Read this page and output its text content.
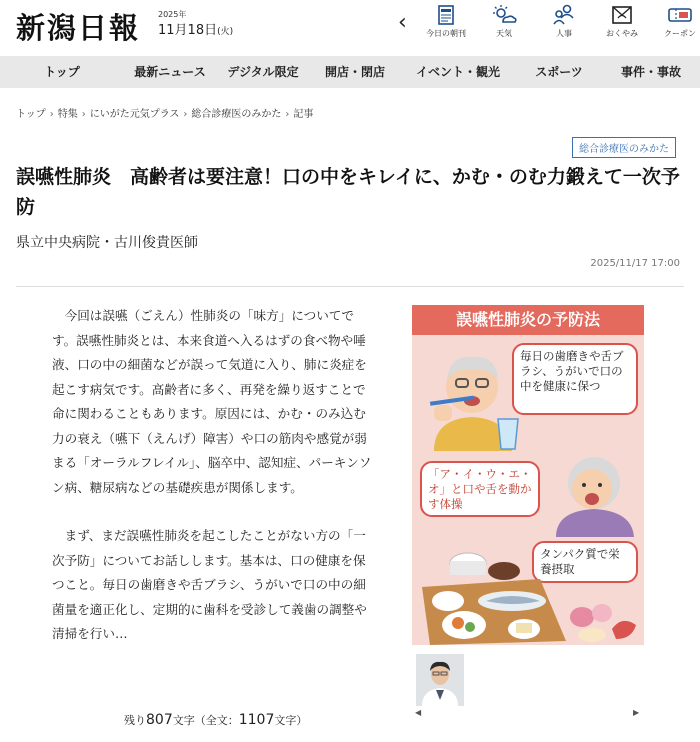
新潟日報 2025年
11月18日(火)	‹	今日の朝刊	天気	人事	おくやみ	クーポン
トップ	最新ニュース	デジタル限定	開店・閉店	イベント・観光	スポーツ	事件・事故
トップ › 特集 › にいがた元気プラス › 総合診療医のみかた › 記事
総合診療医のみかた
誤嚥性肺炎　高齢者は要注意！口の中をキレイに、かむ・のむ力鍛えて一次予防
県立中央病院・古川俊貴医師
2025/11/17 17:00

今回は誤嚥（ごえん）性肺炎の「味方」についてです。誤嚥性肺炎とは、本来食道へ入るはずの食べ物や唾液、口の中の細菌などが誤って気道に入り、肺に炎症を起こす病気です。高齢者に多く、再発を繰り返すことで命に関わることもあります。原因には、かむ・のみ込む力の衰え（嚥下（えんげ）障害）や口の筋肉や感覚が弱まる「オーラルフレイル」、脳卒中、認知症、パーキンソン病、糖尿病などの基礎疾患が関係します。

まず、まだ誤嚥性肺炎を起こしたことがない方の「一次予防」についてお話しします。基本は、口の健康を保つこと。毎日の歯磨きや舌ブラシ、うがいで口の中の細菌量を適正化し、定期的に歯科を受診して義歯の調整や清掃を行い…

残り807文字（全文：1107文字）
誤嚥性肺炎の予防法
毎日の歯磨きや舌ブラシ、うがいで口の中を健康に保つ
「ア・イ・ウ・エ・オ」と口や舌を動かす体操
タンパク質で栄養摂取
◀	▶
